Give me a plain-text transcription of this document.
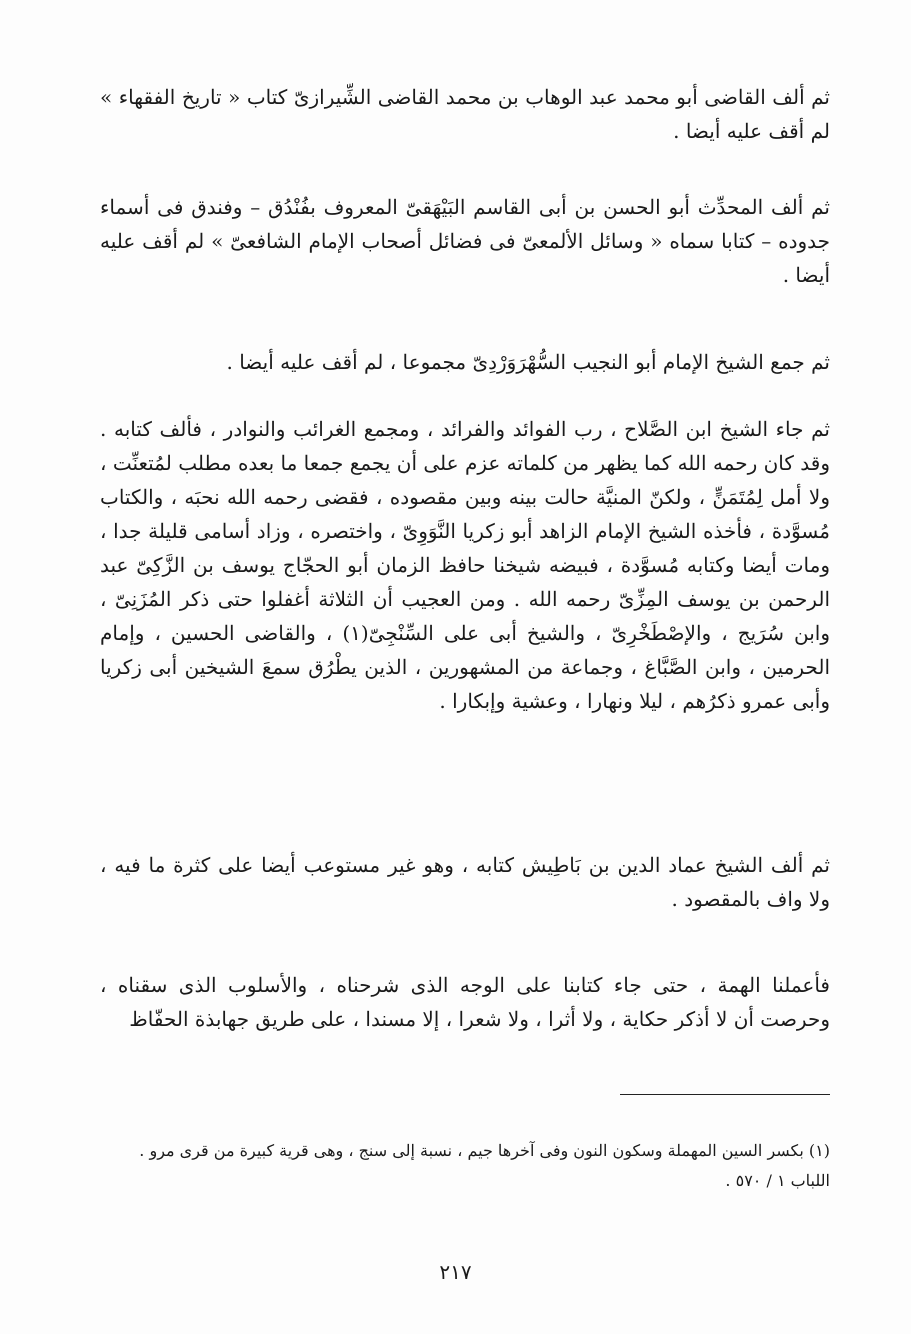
ثم ألف القاضى أبو محمد عبد الوهاب بن محمد القاضى الشِّيرازىّ كتاب « تاريخ الفقهاء » لم أقف عليه أيضا .

ثم ألف المحدِّث أبو الحسن بن أبى القاسم البَيْهَقىّ المعروف بفُنْدُق – وفندق فى أسماء جدوده – كتابا سماه « وسائل الألمعىّ فى فضائل أصحاب الإمام الشافعىّ » لم أقف عليه أيضا .

ثم جمع الشيخ الإمام أبو النجيب السُّهْرَوَرْدِىّ مجموعا ، لم أقف عليه أيضا .

ثم جاء الشيخ ابن الصَّلاح ، رب الفوائد والفرائد ، ومجمع الغرائب والنوادر ، فألف كتابه . وقد كان رحمه الله كما يظهر من كلماته عزم على أن يجمع جمعا ما بعده مطلب لمُتعنِّت ، ولا أمل لِمُتَمَنٍّ ، ولكنّ المنيَّة حالت بينه وبين مقصوده ، فقضى رحمه الله نحبَه ، والكتاب مُسوَّدة ، فأخذه الشيخ الإمام الزاهد أبو زكريا النَّوَوِىّ ، واختصره ، وزاد أسامى قليلة جدا ، ومات أيضا وكتابه مُسوَّدة ، فبيضه شيخنا حافظ الزمان أبو الحجّاج يوسف بن الزَّكِىّ عبد الرحمن بن يوسف المِزِّىّ رحمه الله . ومن العجيب أن الثلاثة أغفلوا حتى ذكر المُزَنِىّ ، وابن سُرَيج ، والإصْطَخْرِىّ ، والشيخ أبى على السِّنْجِىّ(١) ، والقاضى الحسين ، وإمام الحرمين ، وابن الصَّبَّاغ ، وجماعة من المشهورين ، الذين يطْرُق سمعَ الشيخين أبى زكريا وأبى عمرو ذكرُهم ، ليلا ونهارا ، وعشية وإبكارا .

ثم ألف الشيخ عماد الدين بن بَاطِيش كتابه ، وهو غير مستوعب أيضا على كثرة ما فيه ، ولا واف بالمقصود .

فأعملنا الهمة ، حتى جاء كتابنا على الوجه الذى شرحناه ، والأسلوب الذى سقناه ، وحرصت أن لا أذكر حكاية ، ولا أثرا ، ولا شعرا ، إلا مسندا ، على طريق جهابذة الحفّاظ

(١) بكسر السين المهملة وسكون النون وفى آخرها جيم ، نسبة إلى سنج ، وهى قرية كبيرة من قرى مرو . اللباب ١ / ٥٧٠ .

٢١٧
